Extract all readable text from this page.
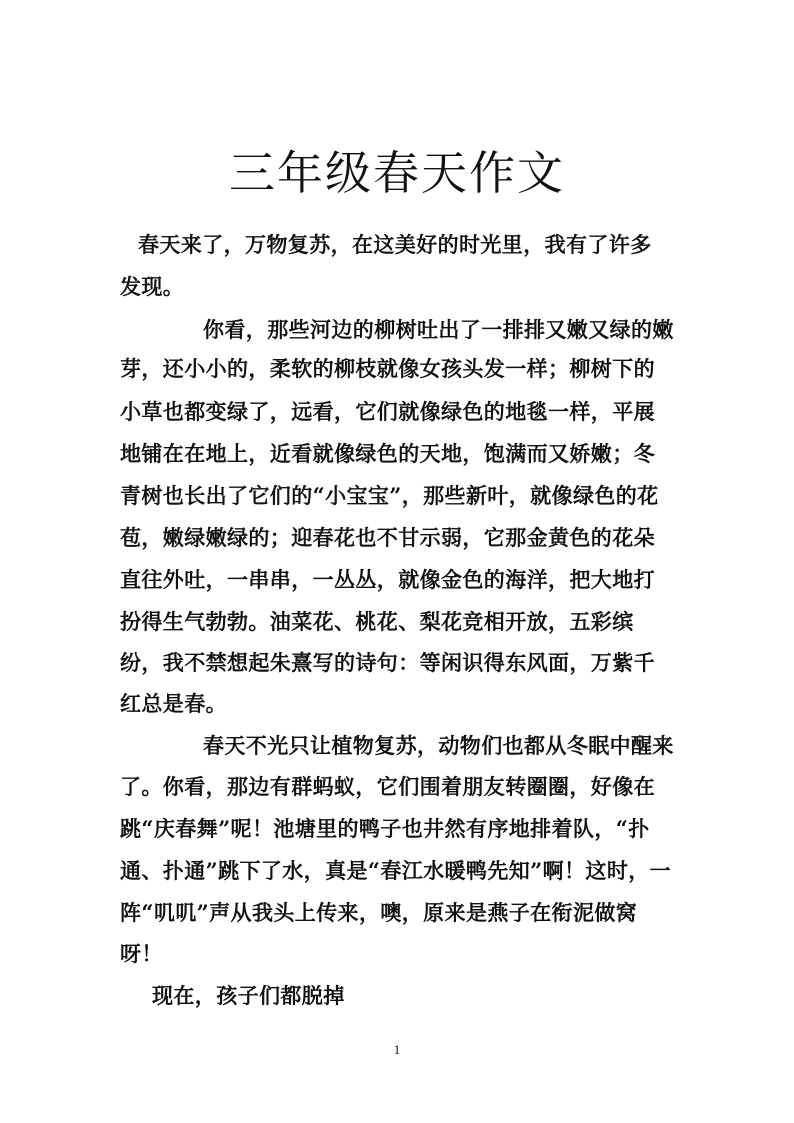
三年级春天作文
春天来了，万物复苏，在这美好的时光里，我有了许多
发现。
你看，那些河边的柳树吐出了一排排又嫩又绿的嫩
芽，还小小的，柔软的柳枝就像女孩头发一样；柳树下的
小草也都变绿了，远看，它们就像绿色的地毯一样，平展
地铺在在地上，近看就像绿色的天地，饱满而又娇嫩；冬
青树也长出了它们的“小宝宝”，那些新叶，就像绿色的花
苞，嫩绿嫩绿的；迎春花也不甘示弱，它那金黄色的花朵
直往外吐，一串串，一丛丛，就像金色的海洋，把大地打
扮得生气勃勃。油菜花、桃花、梨花竞相开放，五彩缤
纷，我不禁想起朱熹写的诗句：等闲识得东风面，万紫千
红总是春。
春天不光只让植物复苏，动物们也都从冬眠中醒来
了。你看，那边有群蚂蚁，它们围着朋友转圈圈，好像在
跳“庆春舞”呢！池塘里的鸭子也井然有序地排着队，“扑
通、扑通”跳下了水，真是“春江水暖鸭先知”啊！这时，一
阵“叽叽”声从我头上传来，噢，原来是燕子在衔泥做窝
呀！
现在，孩子们都脱掉
1
